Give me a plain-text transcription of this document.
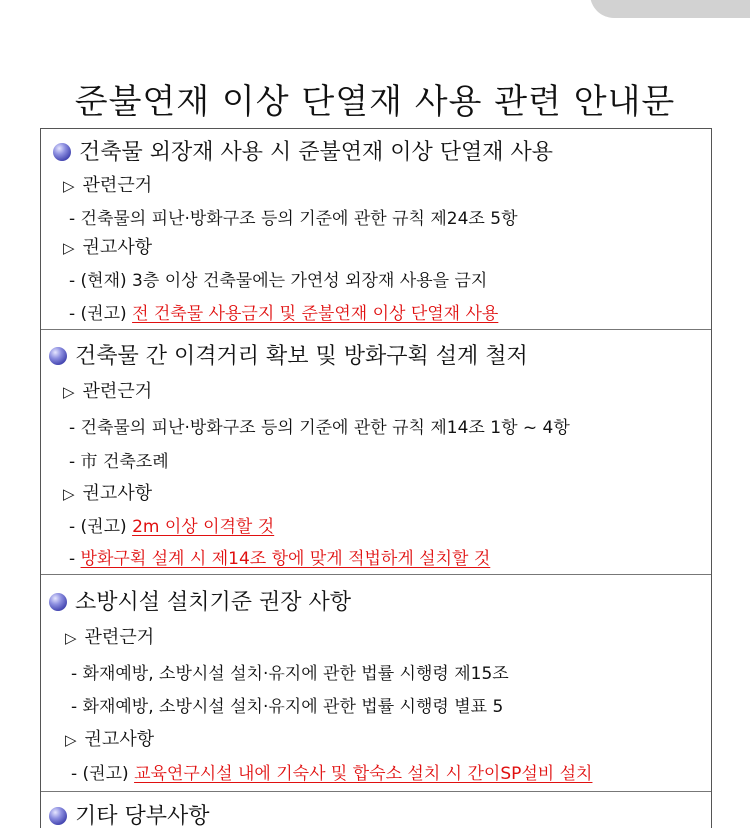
준불연재 이상 단열재 사용 관련 안내문
건축물 외장재 사용 시 준불연재 이상 단열재 사용
▷ 관련근거
- 건축물의 피난·방화구조 등의 기준에 관한 규칙 제24조 5항
▷ 권고사항
- (현재) 3층 이상 건축물에는 가연성 외장재 사용을 금지
- (권고) 전 건축물 사용금지 및 준불연재 이상 단열재 사용
건축물 간 이격거리 확보 및 방화구획 설계 철저
▷ 관련근거
- 건축물의 피난·방화구조 등의 기준에 관한 규칙 제14조 1항 ~ 4항
- 市 건축조례
▷ 권고사항
- (권고) 2m 이상 이격할 것
- 방화구획 설계 시 제14조 항에 맞게 적법하게 설치할 것
소방시설 설치기준 권장 사항
▷ 관련근거
- 화재예방, 소방시설 설치·유지에 관한 법률 시행령 제15조
- 화재예방, 소방시설 설치·유지에 관한 법률 시행령 별표 5
▷ 권고사항
- (권고) 교육연구시설 내에 기숙사 및 합숙소 설치 시 간이SP설비 설치
기타 당부사항
